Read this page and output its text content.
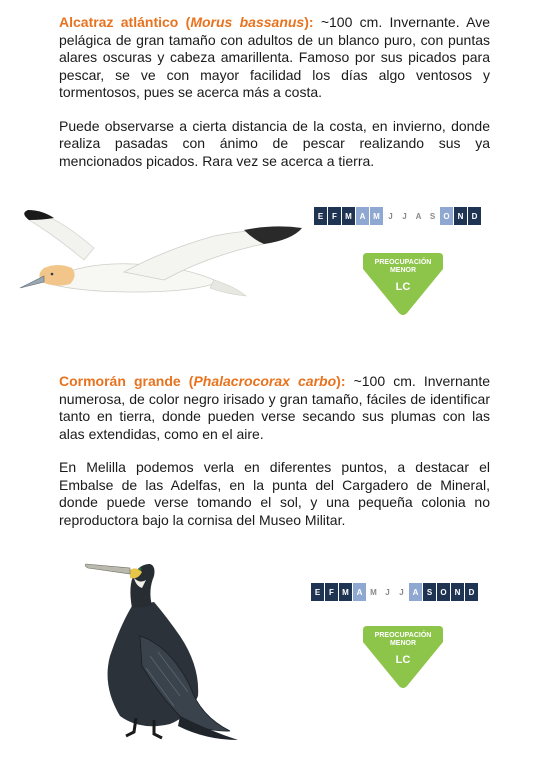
Alcatraz atlántico (Morus bassanus): ~100 cm. Invernante. Ave pelágica de gran tamaño con adultos de un blanco puro, con puntas alares oscuras y cabeza amarillenta. Famoso por sus picados para pescar, se ve con mayor facilidad los días algo ventosos y tormentosos, pues se acerca más a costa.

Puede observarse a cierta distancia de la costa, en invierno, donde realiza pasadas con ánimo de pescar realizando sus ya mencionados picados. Rara vez se acerca a tierra.

E	F	M A M	J	J	A	S	O	N	D
PREOCUPACIÓN
MENOR
LC

Cormorán grande (Phalacrocorax carbo): ~100 cm. Invernante numerosa, de color negro irisado y gran tamaño, fáciles de identificar tanto en tierra, donde pueden verse secando sus plumas con las alas extendidas, como en el aire.

En Melilla podemos verla en diferentes puntos, a destacar el Embalse de las Adelfas, en la punta del Cargadero de Mineral, donde puede verse tomando el sol, y una pequeña colonia no reproductora bajo la cornisa del Museo Militar.

E	F	M A M	J	J	A	S	O	N	D
PREOCUPACIÓN
MENOR
LC
